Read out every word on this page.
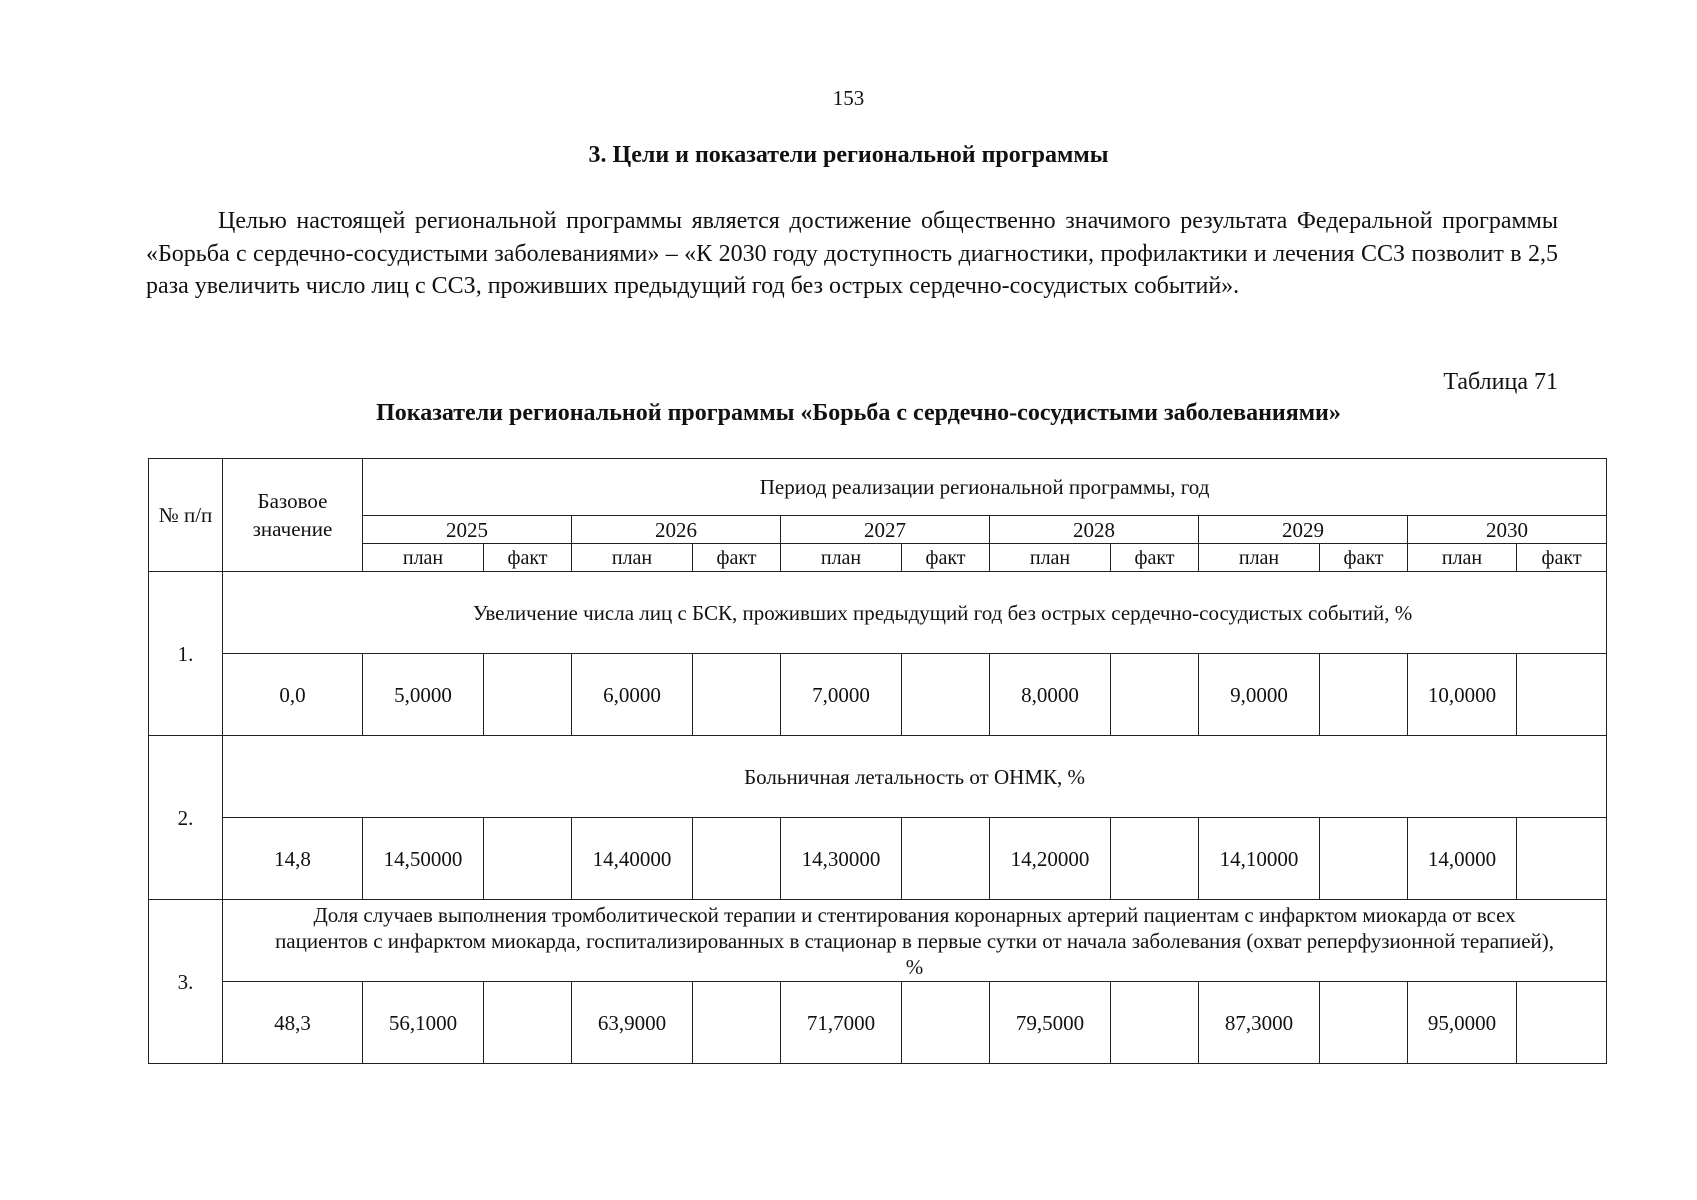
153
3. Цели и показатели региональной программы

Целью настоящей региональной программы является достижение общественно значимого результата Федеральной программы «Борьба с сердечно-сосудистыми заболеваниями» – «К 2030 году доступность диагностики, профилактики и лечения ССЗ позволит в 2,5 раза увеличить число лиц с ССЗ, проживших предыдущий год без острых сердечно-сосудистых событий».

Таблица 71
Показатели региональной программы «Борьба с сердечно-сосудистыми заболеваниями»
№ п/п	Базовое значение	Период реализации региональной программы, год											
		2025		2026		2027		2028		2029		2030	
		план	факт	план	факт	план	факт	план	факт	план	факт	план	факт
1.	Увеличение числа лиц с БСК, проживших предыдущий год без острых сердечно-сосудистых событий, %												
	0,0	5,0000		6,0000		7,0000		8,0000		9,0000		10,0000	
2.	Больничная летальность от ОНМК, %												
	14,8	14,50000		14,40000		14,30000		14,20000		14,10000		14,0000	
3.	Доля случаев выполнения тромболитической терапии и стентирования коронарных артерий пациентам с инфарктом миокарда от всех пациентов с инфарктом миокарда, госпитализированных в стационар в первые сутки от начала заболевания (охват реперфузионной терапией), %												

	48,3	56,1000		63,9000		71,7000		79,5000		87,3000		95,0000	
